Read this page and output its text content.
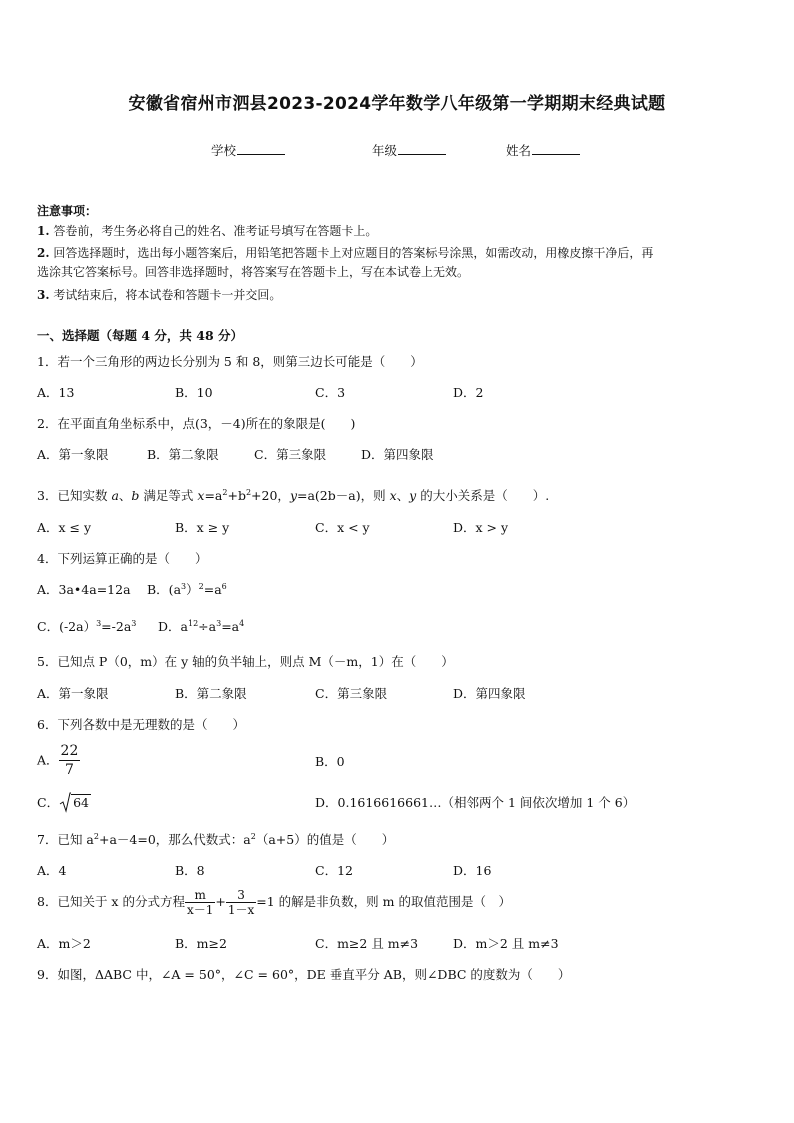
安徽省宿州市泗县2023-2024学年数学八年级第一学期期末经典试题
学校	年级	姓名
注意事项：
1. 答卷前，考生务必将自己的姓名、准考证号填写在答题卡上。
2. 回答选择题时，选出每小题答案后，用铅笔把答题卡上对应题目的答案标号涂黑，如需改动，用橡皮擦干净后，再
选涂其它答案标号。回答非选择题时，将答案写在答题卡上，写在本试卷上无效。
3. 考试结束后，将本试卷和答题卡一并交回。
一、选择题（每题 4 分，共 48 分）
1．若一个三角形的两边长分别为 5 和 8，则第三边长可能是（　　）
A．13	B．10	C．3	D．2
2．在平面直角坐标系中，点(3，－4)所在的象限是(　　)
A．第一象限	B．第二象限	C．第三象限	D．第四象限
3．已知实数 a、b 满足等式 $x=a^2+b^2+20$，y=a(2b－a)，则 x、y 的大小关系是（　　）.
A．x ≤ y	B．x ≥ y	C．x < y	D．x > y
4．下列运算正确的是（　　）
A．3a•4a=12a B．$(a^3)^2=a^6$
C．$(-2a)^3=-2a^3$ D．$a^{12}\div a^3=a^4$
5．已知点 P（0，m）在 y 轴的负半轴上，则点 M（－m，1）在（　　）
A．第一象限	B．第二象限	C．第三象限	D．第四象限
6．下列各数中是无理数的是（　　）
A． $\frac{22}{7}$	B．0
C． 64	D．0.1616616661…（相邻两个 1 间依次增加 1 个 6）
7．已知 $a^2+a-4=0$，那么代数式：$a^2(a+5)$的值是（　　）
A．4	B．8	C．12	D．16
8．已知关于 x 的分式方程 $\frac{m}{x-1} + \frac{3}{1-x} =1$ 的解是非负数，则 m 的取值范围是（　）
A．m＞2	B．m≥2	C．m≥2 且 m≠3	D．m＞2 且 m≠3
9．如图，ΔABC 中，∠A = 50°，∠C = 60°，DE 垂直平分 AB，则∠DBC 的度数为（　　）
